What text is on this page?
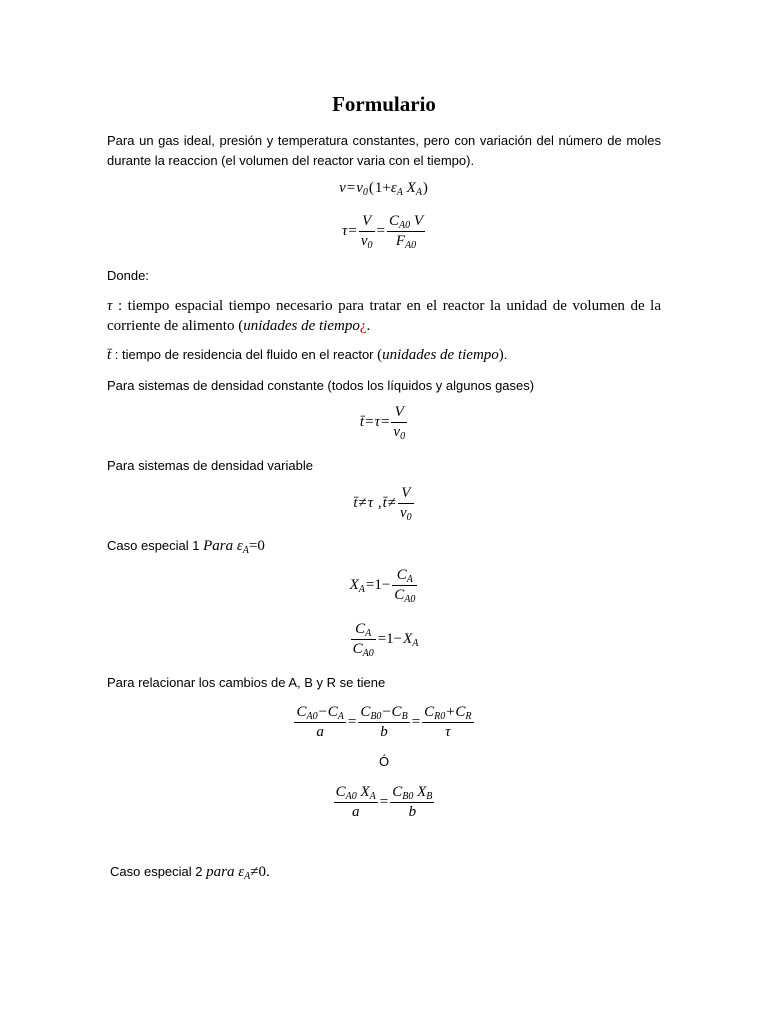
Formulario
Para un gas ideal, presión y temperatura constantes, pero con variación del número de moles durante la reaccion (el volumen del reactor varia con el tiempo).
$v=v_0(1+\varepsilon_A$ $X_A$)
$\tau= \frac{V}{v_0} = \frac{C_{A0} V}{F_{A0}}$
Donde:
τ : tiempo espacial tiempo necesario para tratar en el reactor la unidad de volumen de la corriente de alimento (unidades de tiempo¿.
t̄ : tiempo de residencia del fluido en el reactor (unidades de tiempo).
Para sistemas de densidad constante (todos los líquidos y algunos gases)
t̄=τ= $\frac{V}{v_0}$
Para sistemas de densidad variable
t̄≠τ ,t̄≠ $\frac{V}{v_0}$
Caso especial 1 Para $\varepsilon_A=0$
$X_A=1- \frac{C_A}{C_{A0}}$
$\frac{C_A}{C_{A0}} =1-X_A$
Para relacionar los cambios de A, B y R se tiene
$\frac{C_{A0}-C_A}{a} = \frac{C_{B0}-C_B}{b} = \frac{C_{R0}+C_R}{\tau}$
Ó
$\frac{C_{A0} X_A}{a} = \frac{C_{B0} X_B}{b}$
Caso especial 2 para $\varepsilon_A\ne 0$.
